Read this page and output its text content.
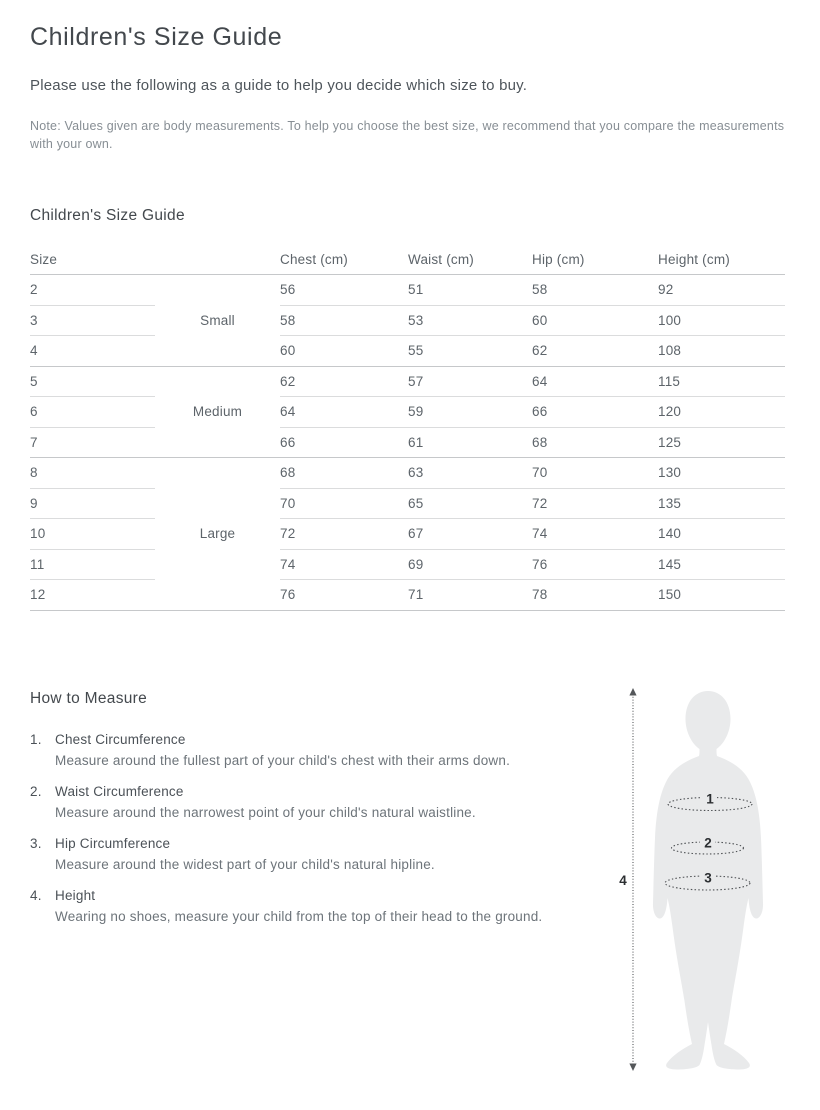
Children's Size Guide

Please use the following as a guide to help you decide which size to buy.

Note: Values given are body measurements. To help you choose the best size, we recommend that you compare the measurements with your own.

Children's Size Guide
Size		Chest (cm)	Waist (cm)	Hip (cm)	Height (cm)
2	Small	56	51	58	92
3		58	53	60	100
4		60	55	62	108
5	Medium	62	57	64	115
6		64	59	66	120
7		66	61	68	125
8	Large	68	63	70	130
9		70	65	72	135
10		72	67	74	140
11		74	69	76	145
12		76	71	78	150
How to Measure
1. Chest Circumference
Measure around the fullest part of your child's chest with their arms down.
2. Waist Circumference
Measure around the narrowest point of your child's natural waistline.
3. Hip Circumference
Measure around the widest part of your child's natural hipline.
4. Height
Wearing no shoes, measure your child from the top of their head to the ground.
1
2
3
4
